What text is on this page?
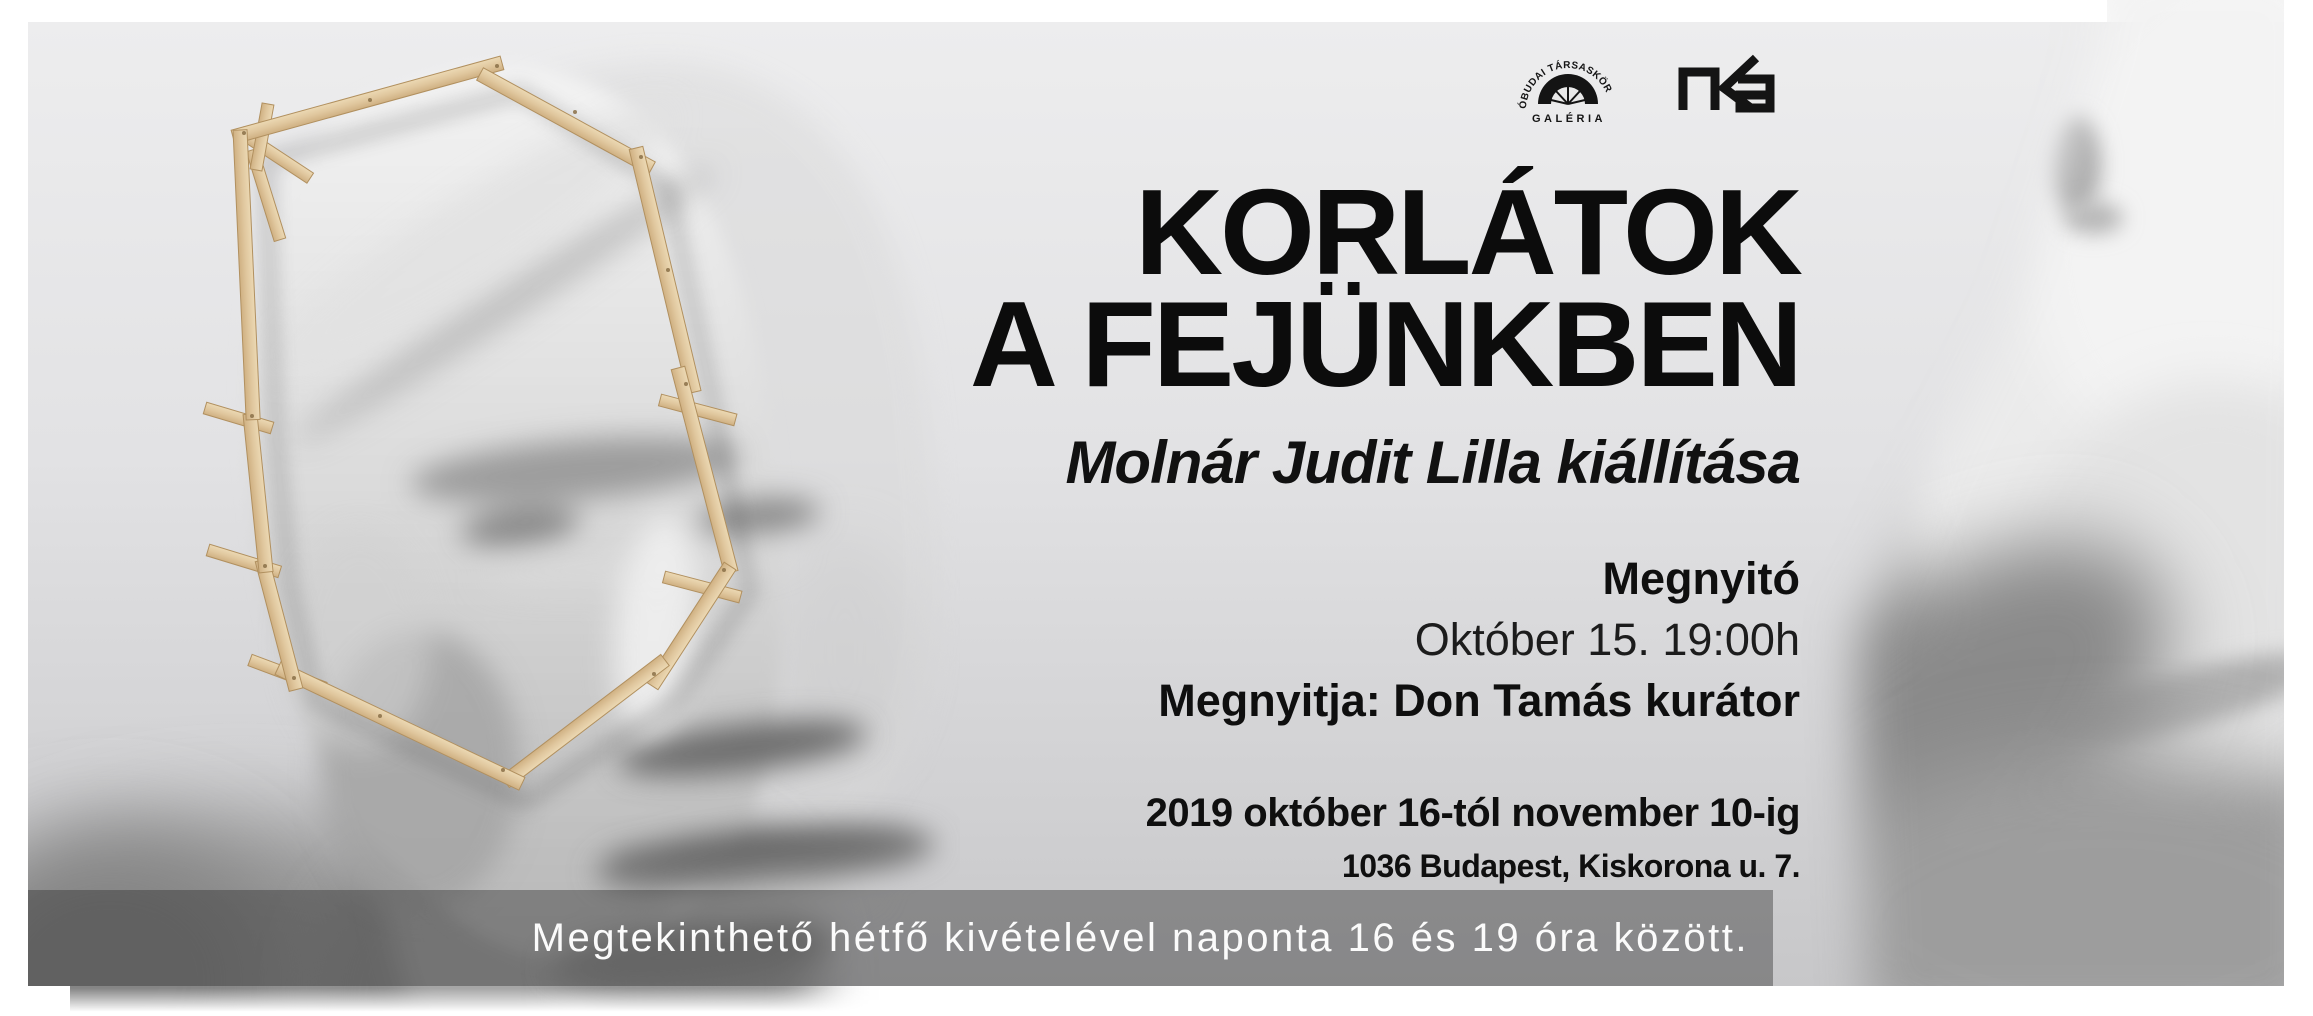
ÓBUDAI TÁRSASKÖR
GALÉRIA
KORLÁTOK
A FEJÜNKBEN
Molnár Judit Lilla kiállítása
Megnyitó
Október 15. 19:00h
Megnyitja: Don Tamás kurátor
2019 október 16-tól november 10-ig
1036 Budapest, Kiskorona u. 7.
Megtekinthető hétfő kivételével naponta 16 és 19 óra között.
